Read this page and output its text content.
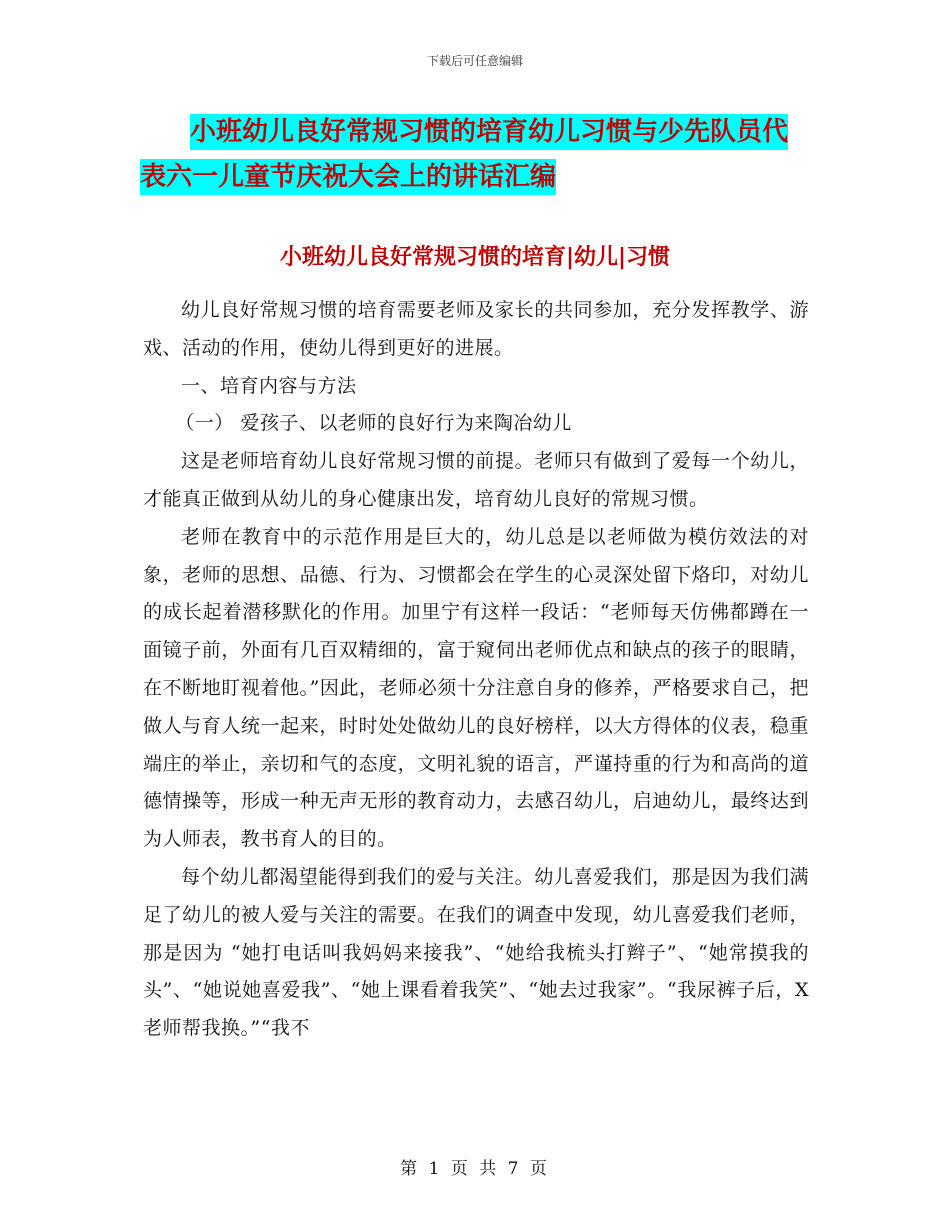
下载后可任意编辑
小班幼儿良好常规习惯的培育幼儿习惯与少先队员代
表六一儿童节庆祝大会上的讲话汇编
小班幼儿良好常规习惯的培育|幼儿|习惯

幼儿良好常规习惯的培育需要老师及家长的共同参加，充分发挥教学、游戏、活动的作用，使幼儿得到更好的进展。

一、培育内容与方法

（一） 爱孩子、以老师的良好行为来陶冶幼儿

这是老师培育幼儿良好常规习惯的前提。老师只有做到了爱每一个幼儿，才能真正做到从幼儿的身心健康出发，培育幼儿良好的常规习惯。

老师在教育中的示范作用是巨大的，幼儿总是以老师做为模仿效法的对象，老师的思想、品德、行为、习惯都会在学生的心灵深处留下烙印，对幼儿的成长起着潜移默化的作用。加里宁有这样一段话：“老师每天仿佛都蹲在一面镜子前，外面有几百双精细的，富于窥伺出老师优点和缺点的孩子的眼睛，在不断地盯视着他。”因此，老师必须十分注意自身的修养，严格要求自己，把做人与育人统一起来，时时处处做幼儿的良好榜样，以大方得体的仪表，稳重端庄的举止，亲切和气的态度，文明礼貌的语言，严谨持重的行为和高尚的道德情操等，形成一种无声无形的教育动力，去感召幼儿，启迪幼儿，最终达到为人师表，教书育人的目的。

每个幼儿都渴望能得到我们的爱与关注。幼儿喜爱我们，那是因为我们满足了幼儿的被人爱与关注的需要。在我们的调查中发现，幼儿喜爱我们老师，那是因为 “她打电话叫我妈妈来接我”、“她给我梳头打辫子”、“她常摸我的头”、“她说她喜爱我”、“她上课看着我笑”、“她去过我家”。“我尿裤子后，X老师帮我换。”“我不

第 1 页 共 7 页
